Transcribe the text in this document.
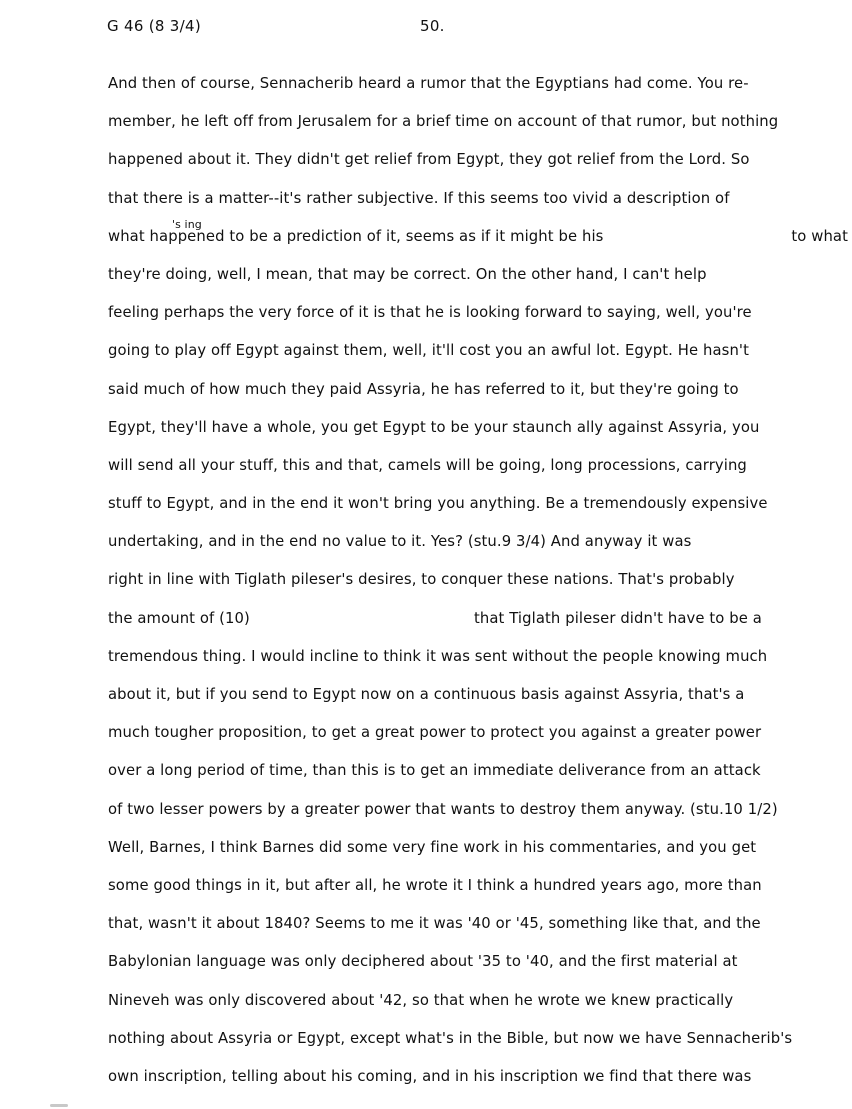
G 46 (8 3/4)	50.
And then of course, Sennacherib heard a rumor that the Egyptians had come. You re-
member, he left off from Jerusalem for a brief time on account of that rumor, but nothing
happened about it. They didn't get relief from Egypt, they got relief from the Lord. So
that there is a matter--it's rather subjective. If this seems too vivid a description of
's ing
what happened to be a prediction of it, seems as if it might be his	to what
they're doing, well, I mean, that may be correct. On the other hand, I can't help
feeling perhaps the very force of it is that he is looking forward to saying, well, you're
going to play off Egypt against them, well, it'll cost you an awful lot. Egypt. He hasn't
said much of how much they paid Assyria, he has referred to it, but they're going to
Egypt, they'll have a whole, you get Egypt to be your staunch ally against Assyria, you
will send all your stuff, this and that, camels will be going, long processions, carrying
stuff to Egypt, and in the end it won't bring you anything. Be a tremendously expensive
undertaking, and in the end no value to it. Yes? (stu.9 3/4) And anyway it was
right in line with Tiglath pileser's desires, to conquer these nations. That's probably
the amount of (10)	that Tiglath pileser didn't have to be a
tremendous thing. I would incline to think it was sent without the people knowing much
about it, but if you send to Egypt now on a continuous basis against Assyria, that's a
much tougher proposition, to get a great power to protect you against a greater power
over a long period of time, than this is to get an immediate deliverance from an attack
of two lesser powers by a greater power that wants to destroy them anyway. (stu.10 1/2)
Well, Barnes, I think Barnes did some very fine work in his commentaries, and you get
some good things in it, but after all, he wrote it I think a hundred years ago, more than
that, wasn't it about 1840? Seems to me it was '40 or '45, something like that, and the
Babylonian language was only deciphered about '35 to '40, and the first material at
Nineveh was only discovered about '42, so that when he wrote we knew practically
nothing about Assyria or Egypt, except what's in the Bible, but now we have Sennacherib's
own inscription, telling about his coming, and in his inscription we find that there was
